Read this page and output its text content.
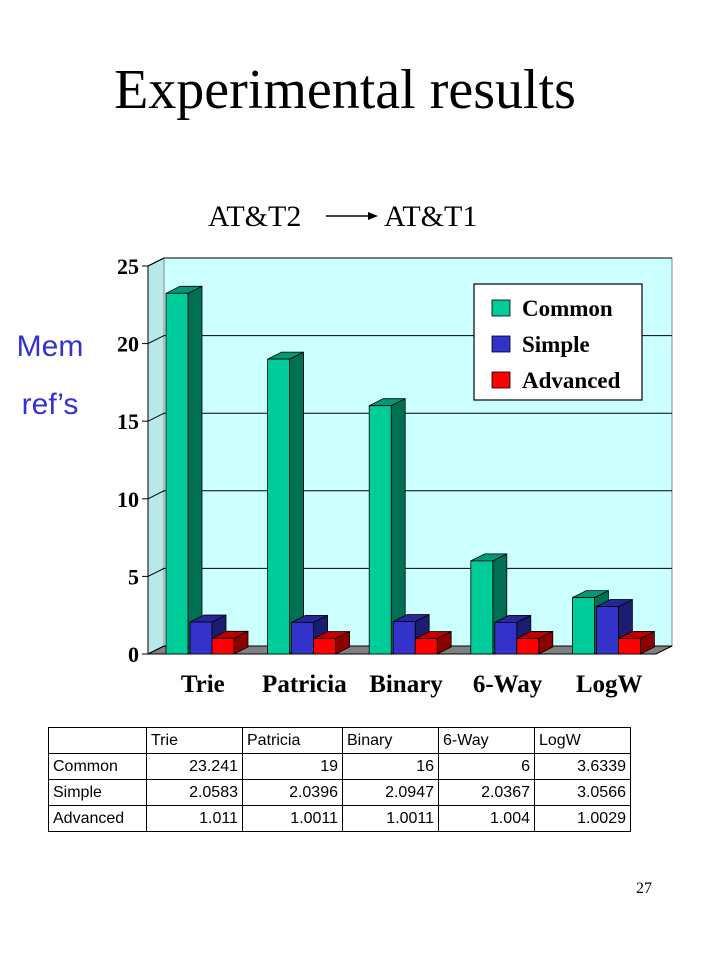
Experimental results
AT&T2	AT&T1
Mem
ref’s
0
5
10
15
20
25
Trie Patricia Binary 6-Way LogW
Common
Simple
Advanced
	Trie	Patricia	Binary	6-Way	LogW
Common	23.241	19	16	6	3.6339
Simple	2.0583	2.0396	2.0947	2.0367	3.0566
Advanced	1.011	1.0011	1.0011	1.004	1.0029
27
